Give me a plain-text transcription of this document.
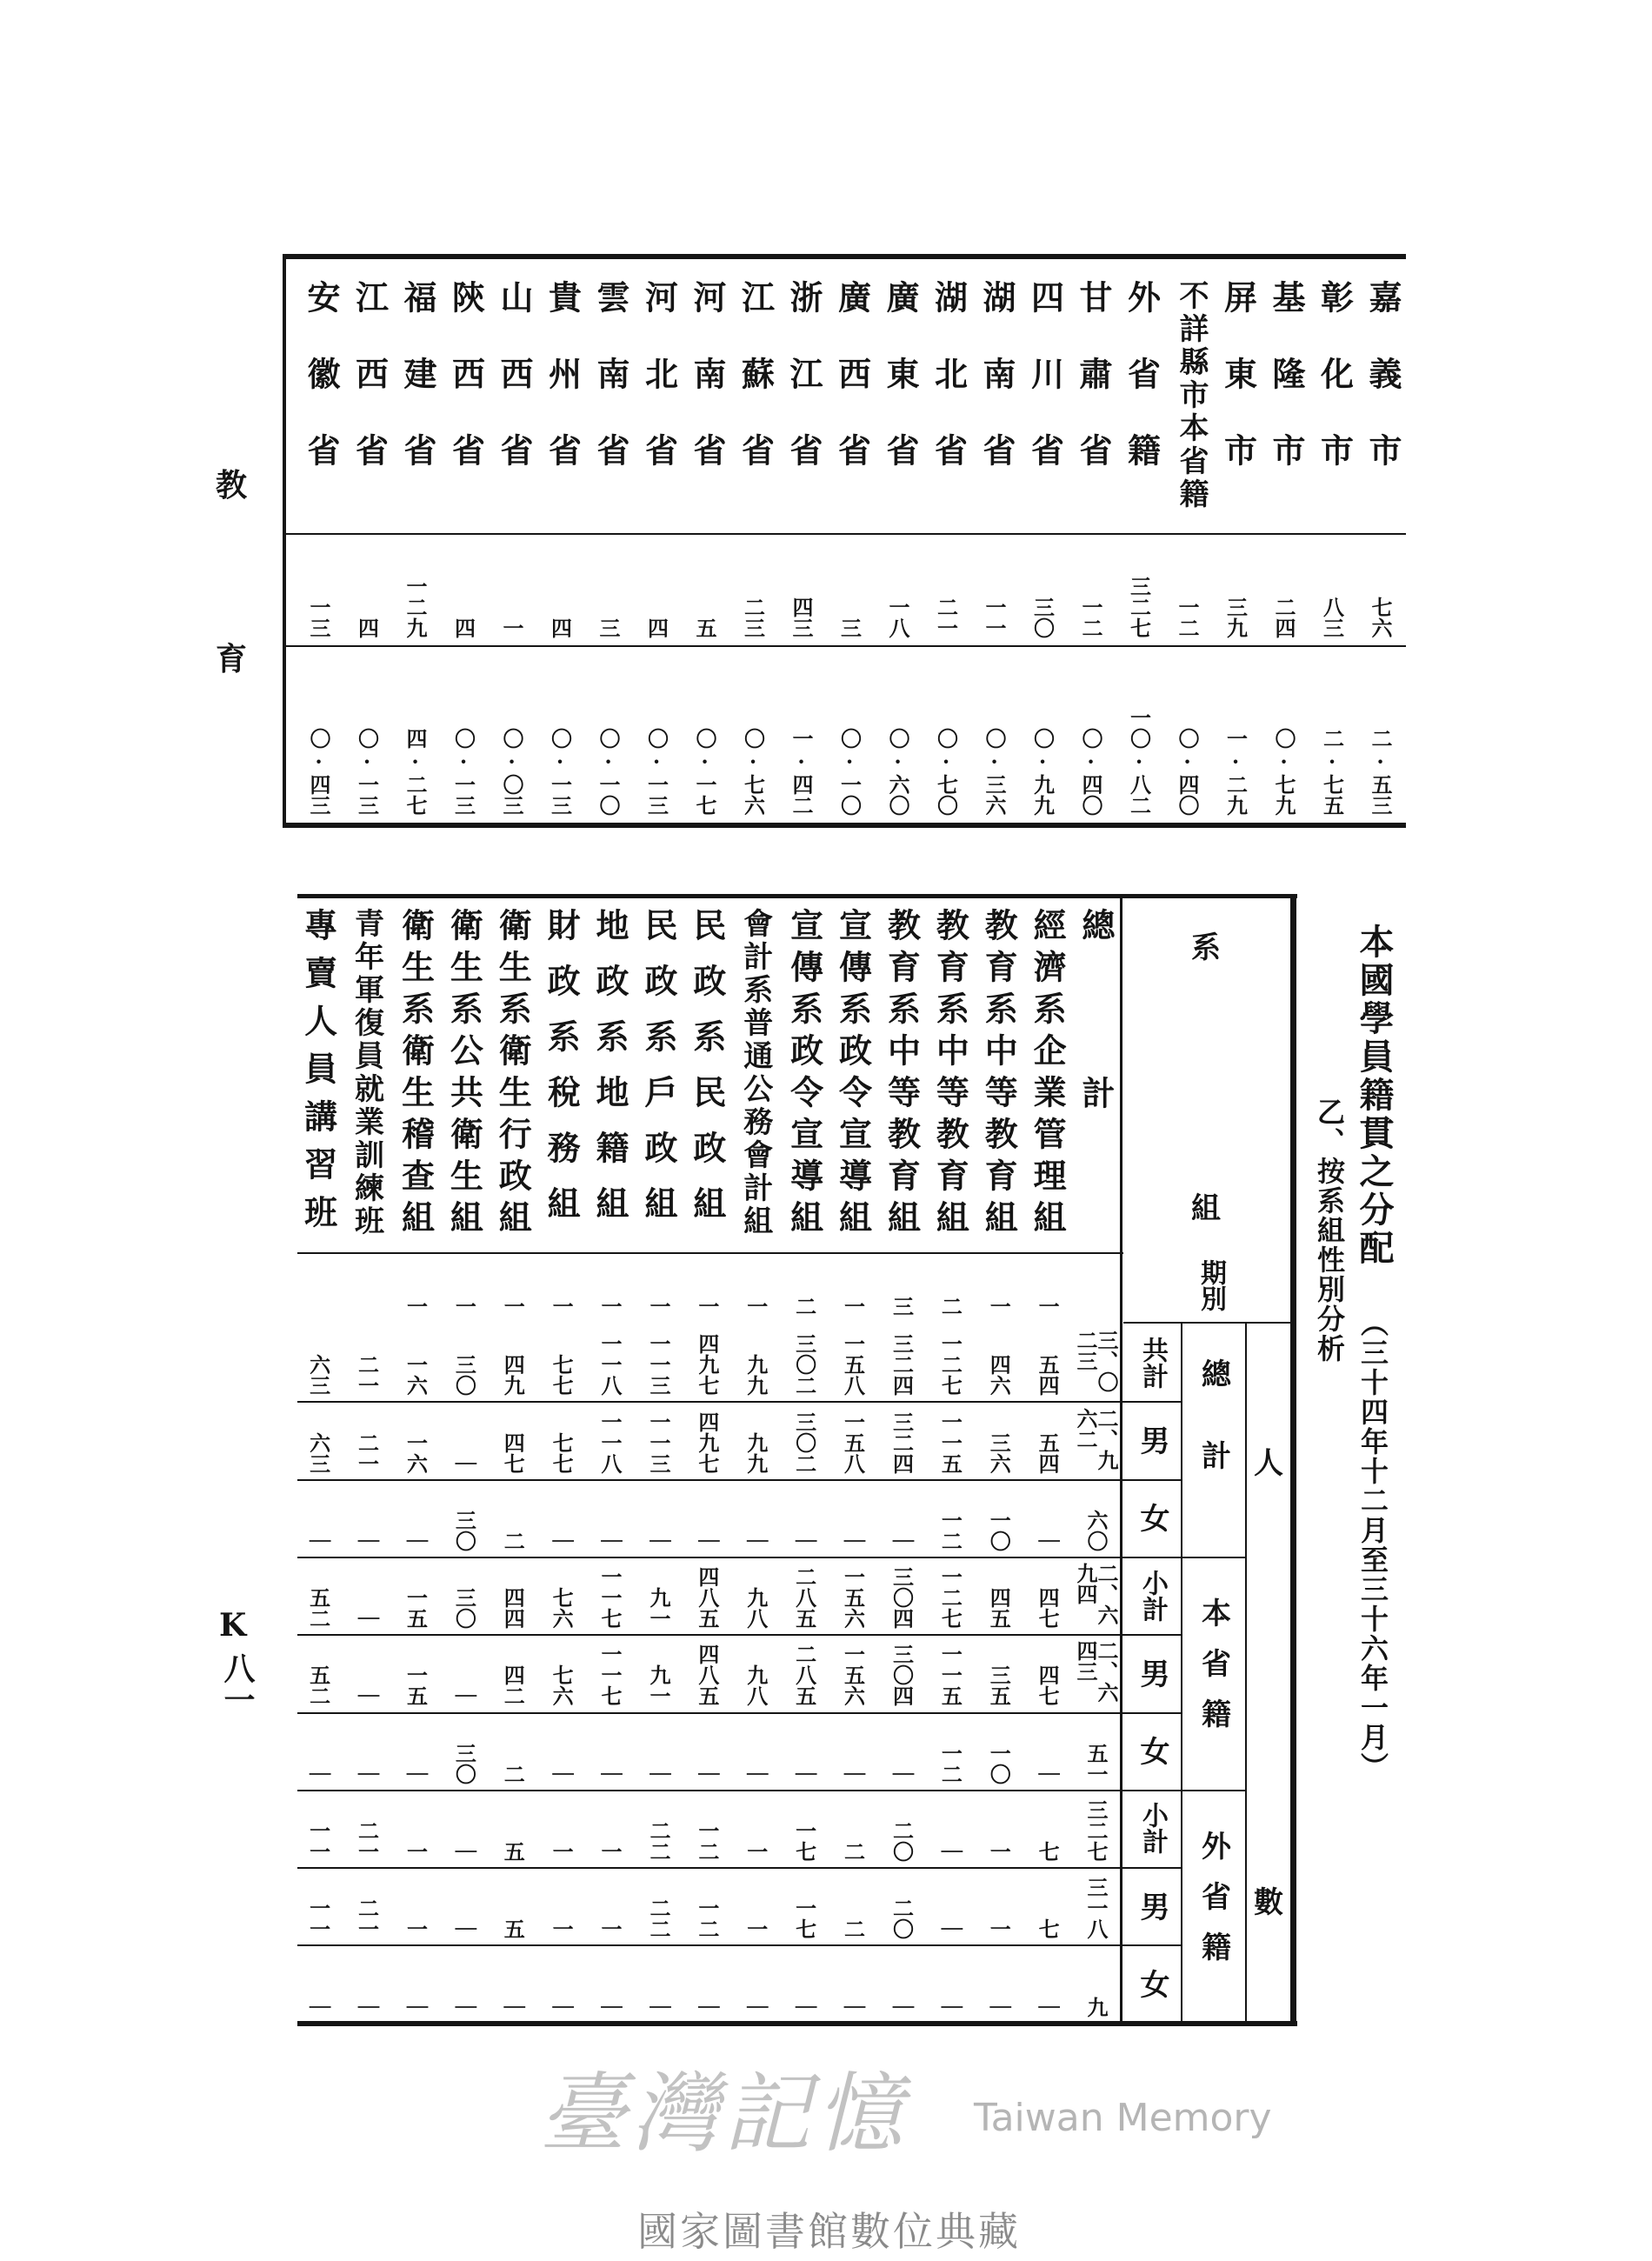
教
育
K
八一
嘉義市
七六
二·五三
彰化市
八三
二·七五
基隆市
二四
〇·七九
屏東市
三九
一·二九
不詳縣市本省籍
一二
〇·四〇
外省籍
三二七
一〇·八二
甘肅省
一二
〇·四〇
四川省
三〇
〇·九九
湖南省
一一
〇·三六
湖北省
二一
〇·七〇
廣東省
一八
〇·六〇
廣西省
三
〇·一〇
浙江省
四三
一·四二
江蘇省
二三
〇·七六
河南省
五
〇·一七
河北省
四
〇·一三
雲南省
三
〇·一〇
貴州省
四
〇·一三
山西省
一
〇·〇三
陝西省
四
〇·一三
福建省
一二九
四·二七
江西省
四
〇·一三
安徽省
一三
〇·四三
本國學員籍貫之分配
（三十四年十二月至三十六年一月）
乙、按系組性別分析
系
組
期別
人
數
總計
三、〇二三
二、九六二
六〇
二、六九四
二、六四三
五一
三二七
三一八
九
經濟系企業管理組
一
五四
五四
｜
四七
四七
｜
七
七
｜
教育系中等教育組
一
四六
三六
一〇
四五
三五
一〇
一
一
｜
教育系中等教育組
二
一二七
一一五
一二
一二七
一一五
一二
｜
｜
｜
教育系中等教育組
三
三二四
三二四
｜
三〇四
三〇四
｜
二〇
二〇
｜
宣傳系政令宣導組
一
一五八
一五八
｜
一五六
一五六
｜
二
二
｜
宣傳系政令宣導組
二
三〇二
三〇二
｜
二八五
二八五
｜
一七
一七
｜
會計系普通公務會計組
一
九九
九九
｜
九八
九八
｜
一
一
｜
民政系民政組
一
四九七
四九七
｜
四八五
四八五
｜
一二
一二
｜
民政系戶政組
一
一一三
一一三
｜
九一
九一
｜
二二
二二
｜
地政系地籍組
一
一一八
一一八
｜
一一七
一一七
｜
一
一
｜
財政系稅務組
一
七七
七七
｜
七六
七六
｜
一
一
｜
衛生系衛生行政組
一
四九
四七
二
四四
四二
二
五
五
｜
衛生系公共衛生組
一
三〇
｜
三〇
三〇
｜
三〇
｜
｜
｜
衛生系衛生稽查組
一
一六
一六
｜
一五
一五
｜
一
一
｜
青年軍復員就業訓練班
二一
二一
｜
｜
｜
｜
二一
二一
｜
專賣人員講習班
六三
六三
｜
五二
五二
｜
一一
一一
｜
總計
共計
男
女
本省籍
小計
男
女
外省籍
小計
男
女
臺灣記憶 Taiwan Memory
國家圖書館數位典藏
